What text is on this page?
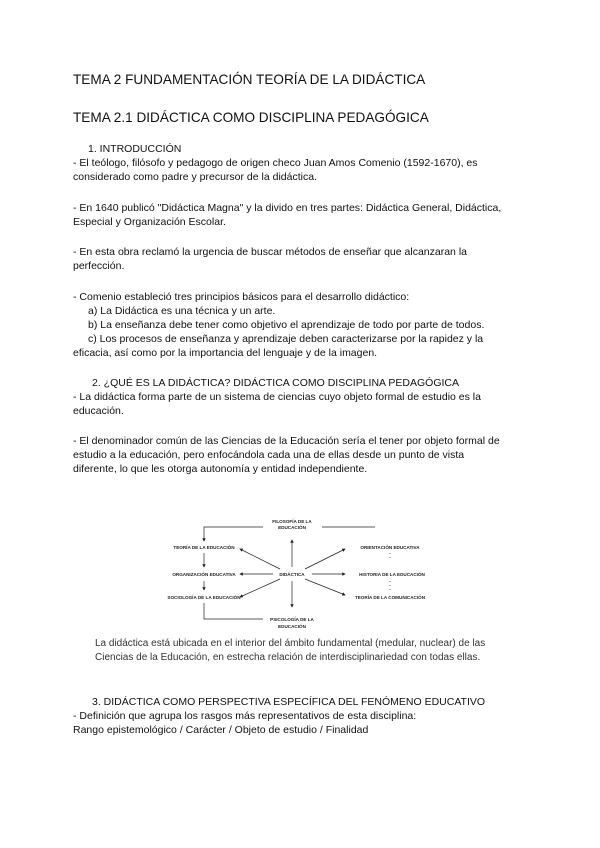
TEMA 2 FUNDAMENTACIÓN TEORÍA DE LA DIDÁCTICA
TEMA 2.1 DIDÁCTICA COMO DISCIPLINA PEDAGÓGICA
1. INTRODUCCIÓN
- El teólogo, filósofo y pedagogo de origen checo Juan Amos Comenio (1592-1670), es
considerado como padre y precursor de la didáctica.
- En 1640 publicó "Didáctica Magna" y la divido en tres partes: Didáctica General, Didáctica,
Especial y Organización Escolar.
- En esta obra reclamó la urgencia de buscar métodos de enseñar que alcanzaran la
perfección.
- Comenio estableció tres principios básicos para el desarrollo didáctico:
a) La Didáctica es una técnica y un arte.
b) La enseñanza debe tener como objetivo el aprendizaje de todo por parte de todos.
c) Los procesos de enseñanza y aprendizaje deben caracterizarse por la rapidez y la
eficacia, así como por la importancia del lenguaje y de la imagen.
2. ¿QUÉ ES LA DIDÁCTICA? DIDÁCTICA COMO DISCIPLINA PEDAGÓGICA
- La didáctica forma parte de un sistema de ciencias cuyo objeto formal de estudio es la
educación.
- El denominador común de las Ciencias de la Educación sería el tener por objeto formal de
estudio a la educación, pero enfocándola cada una de ellas desde un punto de vista
diferente, lo que les otorga autonomía y entidad independiente.
FILOSOFÍA DE LA
EDUCACIÓN
TEORÍA DE LA EDUCACIÓN	ORIENTACIÓN EDUCATIVA
ORGANIZACIÓN EDUCATIVA	DIDÁCTICA	HISTORIA DE LA EDUCACIÓN
SOCIOLOGÍA DE LA EDUCACIÓN	TEORÍA DE LA COMUNICACIÓN
PSICOLOGÍA DE LA
EDUCACIÓN
La didáctica está ubicada en el interior del ámbito fundamental (medular, nuclear) de las
Ciencias de la Educación, en estrecha relación de interdisciplinariedad con todas ellas.
3. DIDÁCTICA COMO PERSPECTIVA ESPECÍFICA DEL FENÓMENO EDUCATIVO
- Definición que agrupa los rasgos más representativos de esta disciplina:
Rango epistemológico / Carácter / Objeto de estudio / Finalidad
